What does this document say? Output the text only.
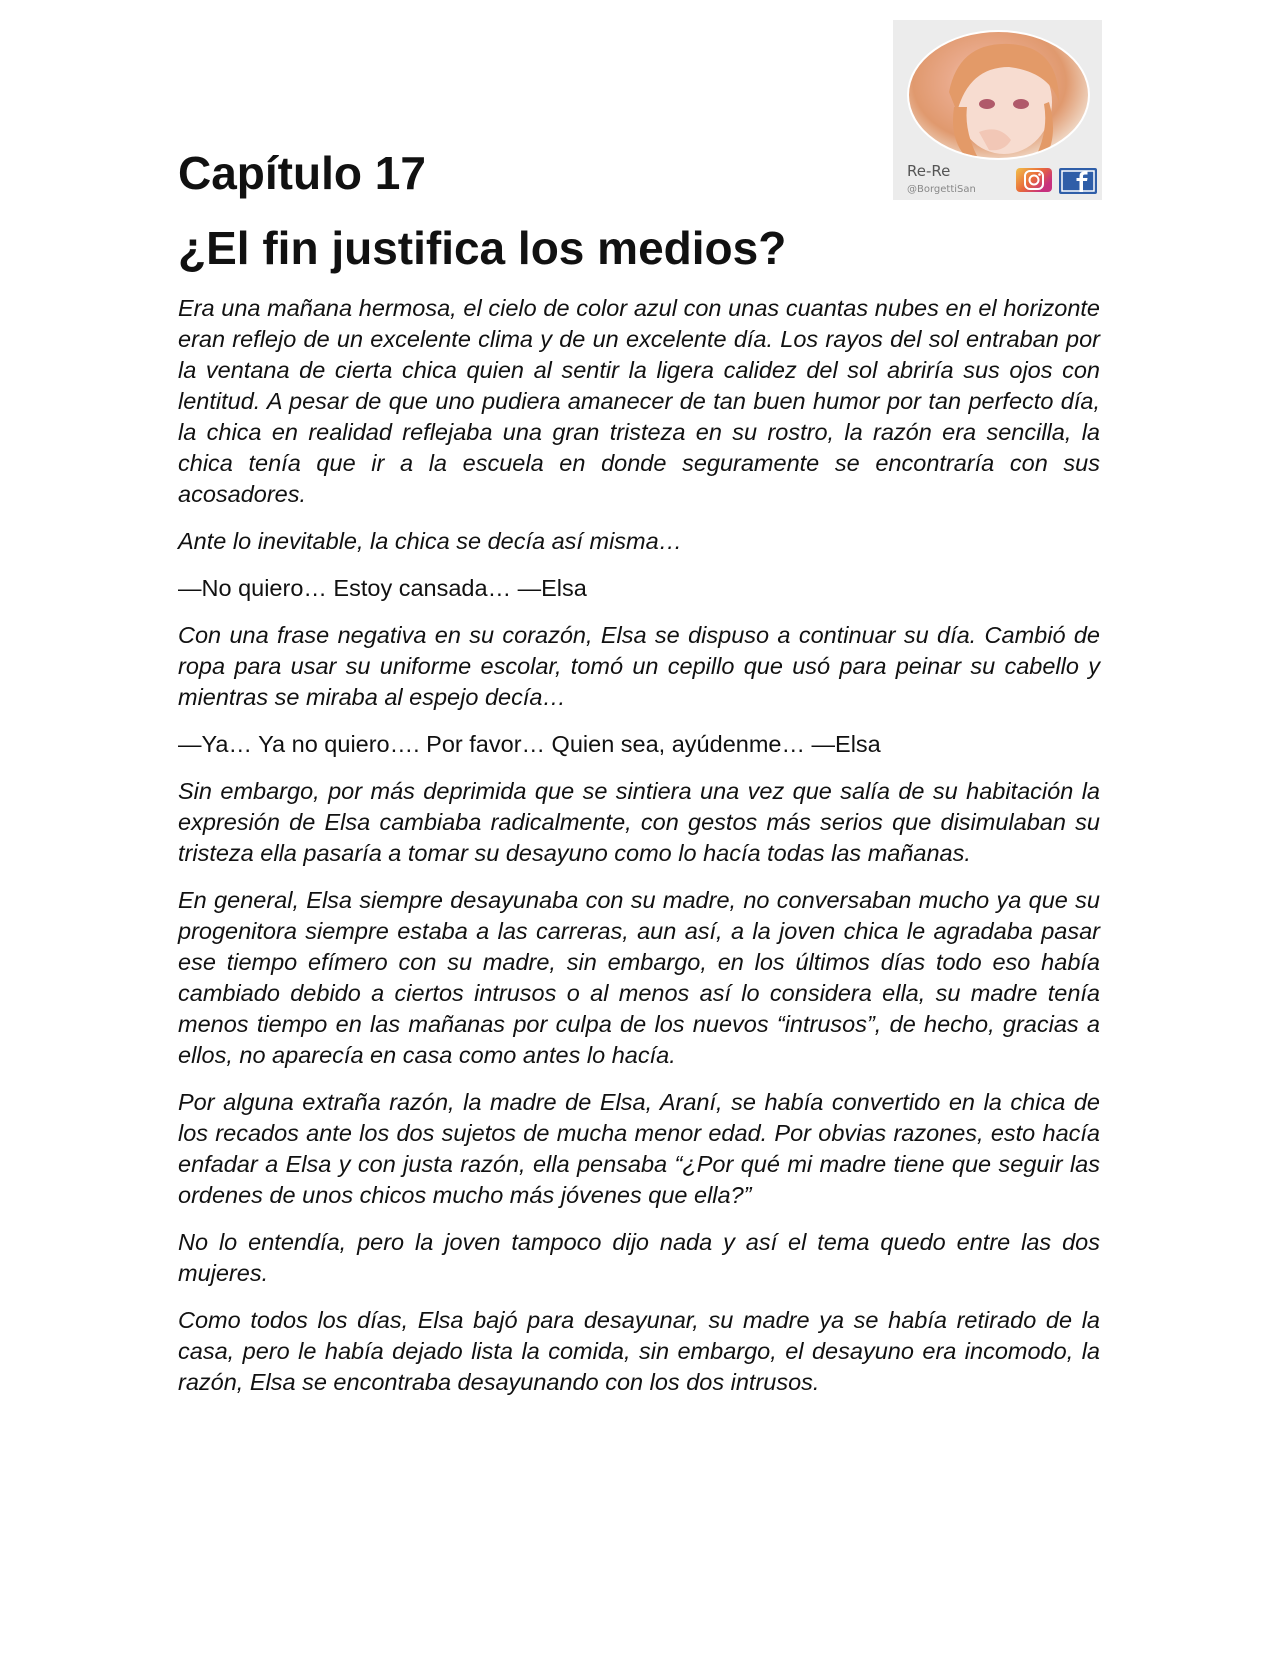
+
Re-Re
@BorgettiSan
Capítulo 17
¿El fin justifica los medios?

Era una mañana hermosa, el cielo de color azul con unas cuantas nubes en el horizonte eran reflejo de un excelente clima y de un excelente día. Los rayos del sol entraban por la ventana de cierta chica quien al sentir la ligera calidez del sol abriría sus ojos con lentitud. A pesar de que uno pudiera amanecer de tan buen humor por tan perfecto día, la chica en realidad reflejaba una gran tristeza en su rostro, la razón era sencilla, la chica tenía que ir a la escuela en donde seguramente se encontraría con sus acosadores.

Ante lo inevitable, la chica se decía así misma…

—No quiero… Estoy cansada… —Elsa

Con una frase negativa en su corazón, Elsa se dispuso a continuar su día. Cambió de ropa para usar su uniforme escolar, tomó un cepillo que usó para peinar su cabello y mientras se miraba al espejo decía…

—Ya… Ya no quiero…. Por favor… Quien sea, ayúdenme… —Elsa

Sin embargo, por más deprimida que se sintiera una vez que salía de su habitación la expresión de Elsa cambiaba radicalmente, con gestos más serios que disimulaban su tristeza ella pasaría a tomar su desayuno como lo hacía todas las mañanas.

En general, Elsa siempre desayunaba con su madre, no conversaban mucho ya que su progenitora siempre estaba a las carreras, aun así, a la joven chica le agradaba pasar ese tiempo efímero con su madre, sin embargo, en los últimos días todo eso había cambiado debido a ciertos intrusos o al menos así lo considera ella, su madre tenía menos tiempo en las mañanas por culpa de los nuevos “intrusos”, de hecho, gracias a ellos, no aparecía en casa como antes lo hacía.

Por alguna extraña razón, la madre de Elsa, Araní, se había convertido en la chica de los recados ante los dos sujetos de mucha menor edad. Por obvias razones, esto hacía enfadar a Elsa y con justa razón, ella pensaba “¿Por qué mi madre tiene que seguir las ordenes de unos chicos mucho más jóvenes que ella?”

No lo entendía, pero la joven tampoco dijo nada y así el tema quedo entre las dos mujeres.

Como todos los días, Elsa bajó para desayunar, su madre ya se había retirado de la casa, pero le había dejado lista la comida, sin embargo, el desayuno era incomodo, la razón, Elsa se encontraba desayunando con los dos intrusos.
